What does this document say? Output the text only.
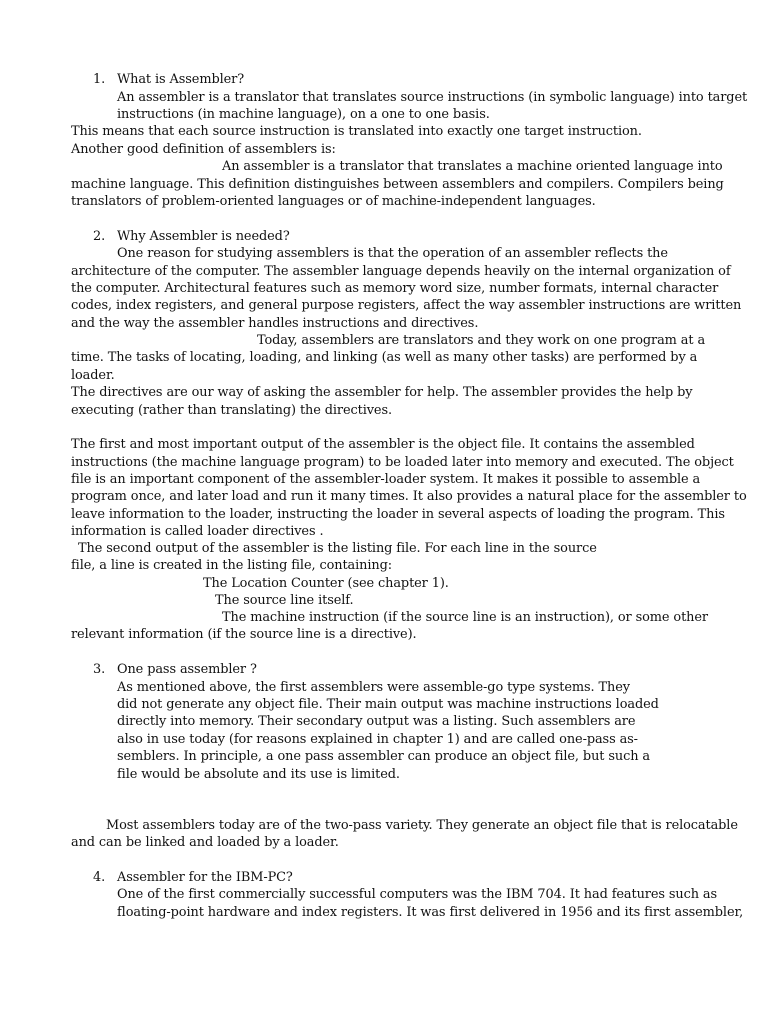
1. What is Assembler?
An assembler is a translator that translates source instructions (in symbolic language) into target
instructions (in machine language), on a one to one basis.
This means that each source instruction is translated into exactly one target instruction.
Another good definition of assemblers is:
An assembler is a translator that translates a machine oriented language into
machine language. This definition distinguishes between assemblers and compilers. Compilers being
translators of problem-oriented languages or of machine-independent languages.
2. Why Assembler is needed?
One reason for studying assemblers is that the operation of an assembler reflects the
architecture of the computer. The assembler language depends heavily on the internal organization of
the computer. Architectural features such as memory word size, number formats, internal character
codes, index registers, and general purpose registers, affect the way assembler instructions are written
and the way the assembler handles instructions and directives.
Today, assemblers are translators and they work on one program at a
time. The tasks of locating, loading, and linking (as well as many other tasks) are performed by a
loader.
The directives are our way of asking the assembler for help. The assembler provides the help by
executing (rather than translating) the directives.
The first and most important output of the assembler is the object file. It contains the assembled
instructions (the machine language program) to be loaded later into memory and executed. The object
file is an important component of the assembler-loader system. It makes it possible to assemble a
program once, and later load and run it many times. It also provides a natural place for the assembler to
leave information to the loader, instructing the loader in several aspects of loading the program. This
information is called loader directives .
The second output of the assembler is the listing file. For each line in the source
file, a line is created in the listing file, containing:
The Location Counter (see chapter 1).
The source line itself.
The machine instruction (if the source line is an instruction), or some other
relevant information (if the source line is a directive).
3. One pass assembler ?
As mentioned above, the first assemblers were assemble-go type systems. They
did not generate any object file. Their main output was machine instructions loaded
directly into memory. Their secondary output was a listing. Such assemblers are
also in use today (for reasons explained in chapter 1) and are called one-pass as-
semblers. In principle, a one pass assembler can produce an object file, but such a
file would be absolute and its use is limited.
Most assemblers today are of the two-pass variety. They generate an object file that is relocatable
and can be linked and loaded by a loader.
4. Assembler for the IBM-PC?
One of the first commercially successful computers was the IBM 704. It had features such as
floating-point hardware and index registers. It was first delivered in 1956 and its first assembler,
